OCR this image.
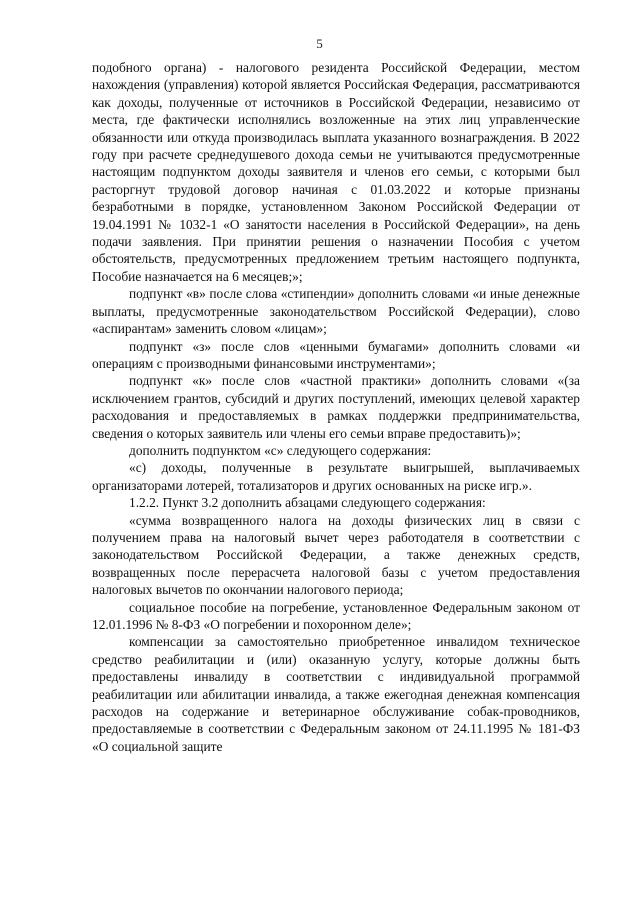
5

подобного органа) - налогового резидента Российской Федерации, местом нахождения (управления) которой является Российская Федерация, рассматриваются как доходы, полученные от источников в Российской Федерации, независимо от места, где фактически исполнялись возложенные на этих лиц управленческие обязанности или откуда производилась выплата указанного вознаграждения. В 2022 году при расчете среднедушевого дохода семьи не учитываются предусмотренные настоящим подпунктом доходы заявителя и членов его семьи, с которыми был расторгнут трудовой договор начиная с 01.03.2022 и которые признаны безработными в порядке, установленном Законом Российской Федерации от 19.04.1991 № 1032-1 «О занятости населения в Российской Федерации», на день подачи заявления. При принятии решения о назначении Пособия с учетом обстоятельств, предусмотренных предложением третьим настоящего подпункта, Пособие назначается на 6 месяцев;»;

подпункт «в» после слова «стипендии» дополнить словами «и иные денежные выплаты, предусмотренные законодательством Российской Федерации), слово «аспирантам» заменить словом «лицам»;

подпункт «з» после слов «ценными бумагами» дополнить словами «и операциям с производными финансовыми инструментами»;

подпункт «к» после слов «частной практики» дополнить словами «(за исключением грантов, субсидий и других поступлений, имеющих целевой характер расходования и предоставляемых в рамках поддержки предпринимательства, сведения о которых заявитель или члены его семьи вправе предоставить)»;

дополнить подпунктом «с» следующего содержания:

«с) доходы, полученные в результате выигрышей, выплачиваемых организаторами лотерей, тотализаторов и других основанных на риске игр.».

1.2.2. Пункт 3.2 дополнить абзацами следующего содержания:

«сумма возвращенного налога на доходы физических лиц в связи с получением права на налоговый вычет через работодателя в соответствии с законодательством Российской Федерации, а также денежных средств, возвращенных после перерасчета налоговой базы с учетом предоставления налоговых вычетов по окончании налогового периода;

социальное пособие на погребение, установленное Федеральным законом от 12.01.1996 № 8-ФЗ «О погребении и похоронном деле»;

компенсации за самостоятельно приобретенное инвалидом техническое средство реабилитации и (или) оказанную услугу, которые должны быть предоставлены инвалиду в соответствии с индивидуальной программой реабилитации или абилитации инвалида, а также ежегодная денежная компенсация расходов на содержание и ветеринарное обслуживание собак-проводников, предоставляемые в соответствии с Федеральным законом от 24.11.1995 № 181-ФЗ «О социальной защите
